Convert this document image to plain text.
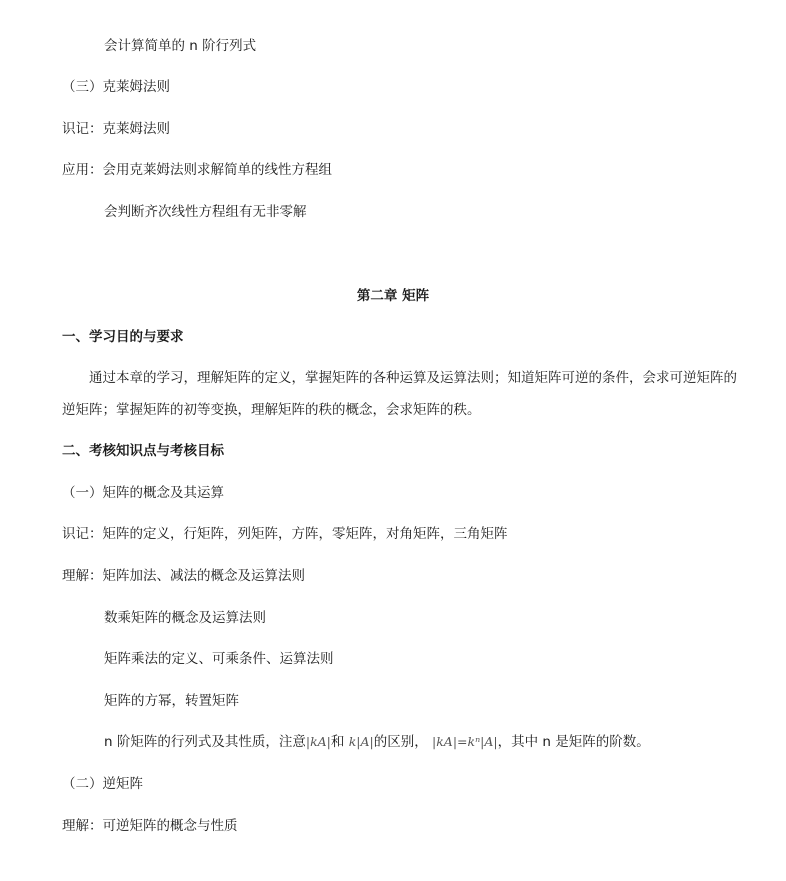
会计算简单的 n 阶行列式
（三）克莱姆法则
识记：克莱姆法则
应用：会用克莱姆法则求解简单的线性方程组
会判断齐次线性方程组有无非零解
第二章 矩阵
一、学习目的与要求
通过本章的学习，理解矩阵的定义，掌握矩阵的各种运算及运算法则；知道矩阵可逆的条件，会求可逆矩阵的
逆矩阵；掌握矩阵的初等变换，理解矩阵的秩的概念，会求矩阵的秩。
二、考核知识点与考核目标
（一）矩阵的概念及其运算
识记：矩阵的定义，行矩阵，列矩阵，方阵，零矩阵，对角矩阵，三角矩阵
理解：矩阵加法、减法的概念及运算法则
数乘矩阵的概念及运算法则
矩阵乘法的定义、可乘条件、运算法则
矩阵的方幂，转置矩阵
n 阶矩阵的行列式及其性质，注意|kA|和 k|A|的区别， |kA|=kⁿ|A|，其中 n 是矩阵的阶数。
（二）逆矩阵
理解：可逆矩阵的概念与性质
